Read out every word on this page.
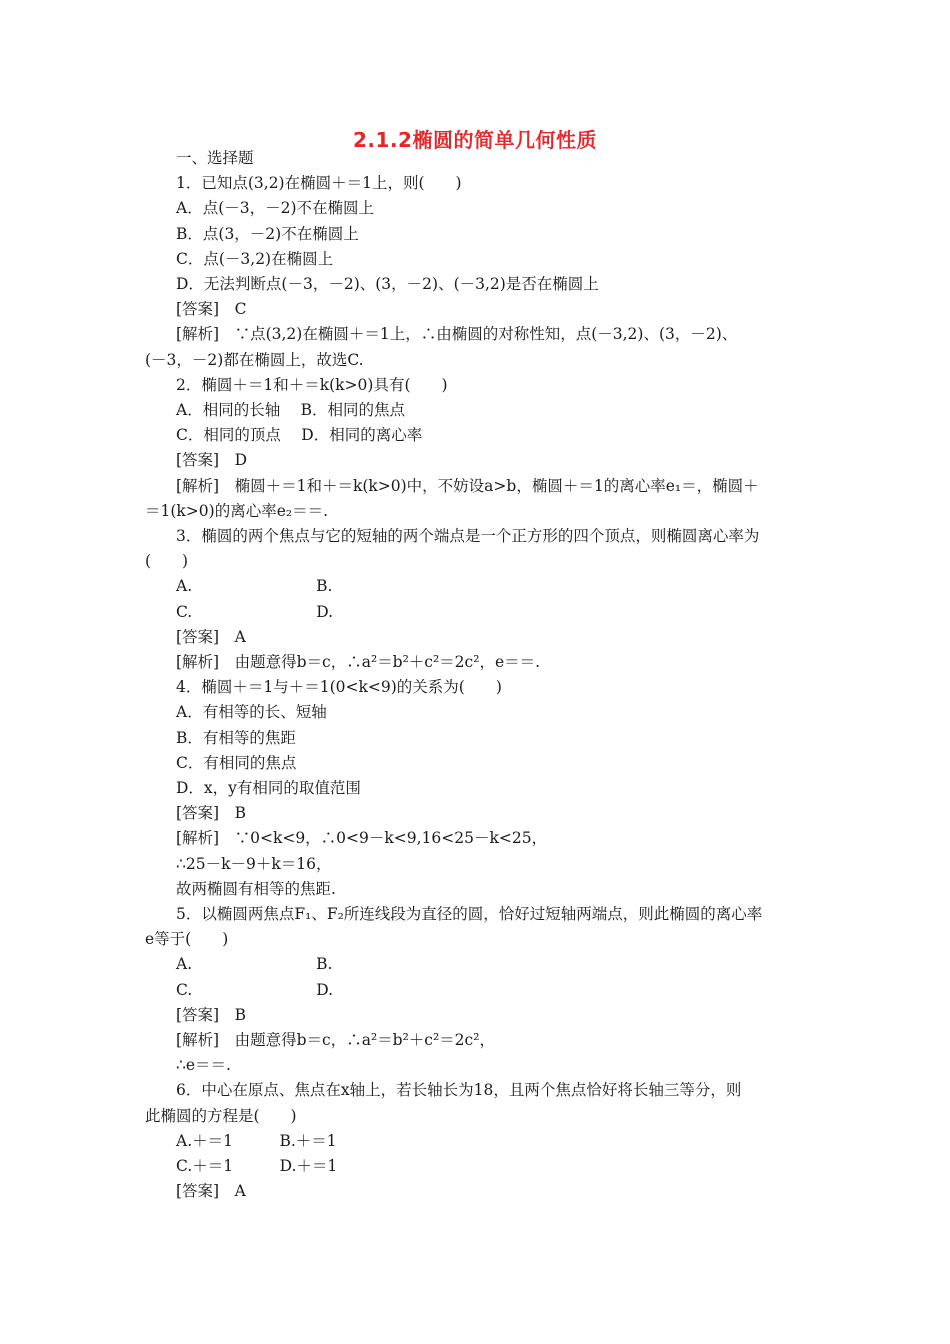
2.1.2椭圆的简单几何性质
一、选择题
1．已知点(3,2)在椭圆＋＝1上，则(　　)
A．点(－3，－2)不在椭圆上
B．点(3，－2)不在椭圆上
C．点(－3,2)在椭圆上
D．无法判断点(－3，－2)、(3，－2)、(－3,2)是否在椭圆上
[答案]　C
[解析]　∵点(3,2)在椭圆＋＝1上，∴由椭圆的对称性知，点(－3,2)、(3，－2)、
(－3，－2)都在椭圆上，故选C.
2．椭圆＋＝1和＋＝k(k>0)具有(　　)
A．相同的长轴　 B．相同的焦点
C．相同的顶点　 D．相同的离心率
[答案]　D
[解析]　椭圆＋＝1和＋＝k(k>0)中，不妨设a>b，椭圆＋＝1的离心率e₁＝，椭圆＋
＝1(k>0)的离心率e₂＝＝.
3．椭圆的两个焦点与它的短轴的两个端点是一个正方形的四个顶点，则椭圆离心率为
(　　)
A.　　　　　　　　B.
C.　　　　　　　　D.
[答案]　A
[解析]　由题意得b＝c，∴a²＝b²＋c²＝2c²，e＝＝.
4．椭圆＋＝1与＋＝1(0<k<9)的关系为(　　)
A．有相等的长、短轴
B．有相等的焦距
C．有相同的焦点
D．x，y有相同的取值范围
[答案]　B
[解析]　∵0<k<9，∴0<9－k<9,16<25－k<25，
∴25－k－9＋k＝16，
故两椭圆有相等的焦距.
5．以椭圆两焦点F₁、F₂所连线段为直径的圆，恰好过短轴两端点，则此椭圆的离心率
e等于(　　)
A.　　　　　　　　B.
C.　　　　　　　　D.
[答案]　B
[解析]　由题意得b＝c，∴a²＝b²＋c²＝2c²，
∴e＝＝.
6．中心在原点、焦点在x轴上，若长轴长为18，且两个焦点恰好将长轴三等分，则
此椭圆的方程是(　　)
A.＋＝1　　　B.＋＝1
C.＋＝1　　　D.＋＝1
[答案]　A
